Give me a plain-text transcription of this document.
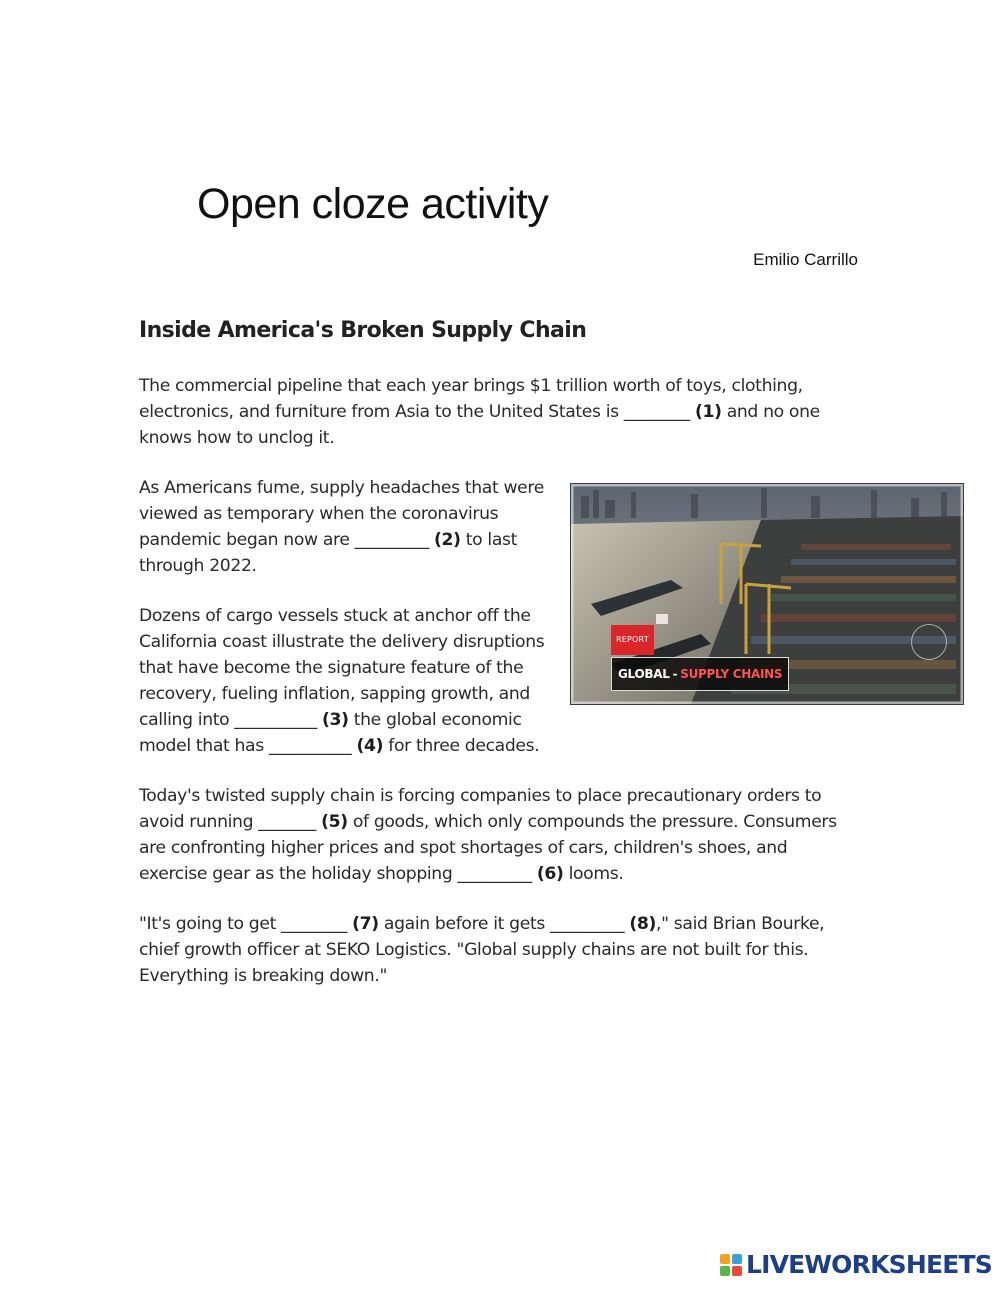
Open cloze activity
Emilio Carrillo
Inside America's Broken Supply Chain

The commercial pipeline that each year brings $1 trillion worth of toys, clothing, electronics, and furniture from Asia to the United States is ________ (1) and no one knows how to unclog it.

REPORT
GLOBAL - SUPPLY CHAINS

As Americans fume, supply headaches that were viewed as temporary when the coronavirus pandemic began now are _________ (2) to last through 2022.

Dozens of cargo vessels stuck at anchor off the California coast illustrate the delivery disruptions that have become the signature feature of the recovery, fueling inflation, sapping growth, and calling into __________ (3) the global economic model that has __________ (4) for three decades.

Today's twisted supply chain is forcing companies to place precautionary orders to avoid running _______ (5) of goods, which only compounds the pressure. Consumers are confronting higher prices and spot shortages of cars, children's shoes, and exercise gear as the holiday shopping _________ (6) looms.

"It's going to get ________ (7) again before it gets _________ (8)," said Brian Bourke, chief growth officer at SEKO Logistics. "Global supply chains are not built for this. Everything is breaking down."

LIVEWORKSHEETS
